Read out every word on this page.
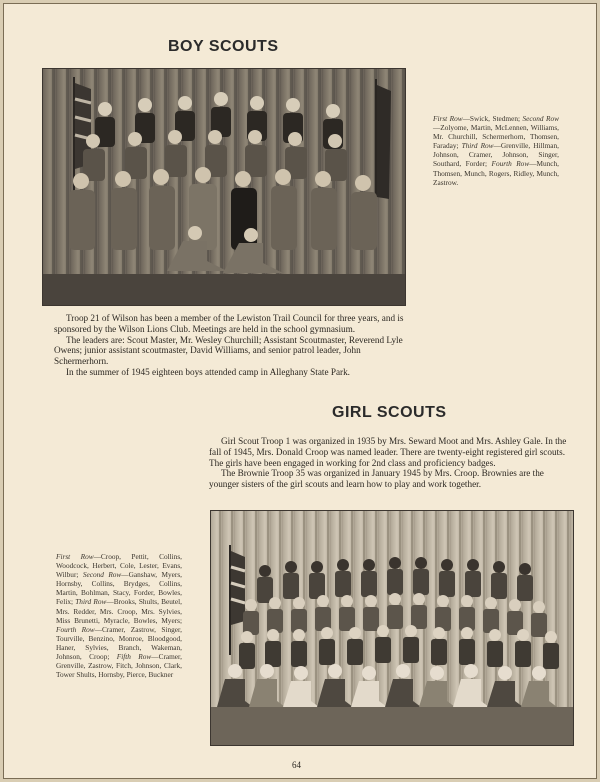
BOY SCOUTS
First Row—Swick, Stedmen; Second Row—Zolyome, Martin, McLennen, Williams, Mr. Churchill, Schermerhorn, Thomsen, Faraday; Third Row—Grenville, Hillman, Johnson, Cramer, Johnson, Singer, Southard, Forder; Fourth Row—Munch, Thomsen, Munch, Rogers, Ridley, Munch, Zastrow.

Troop 21 of Wilson has been a member of the Lewiston Trail Council for three years, and is sponsored by the Wilson Lions Club. Meetings are held in the school gymnasium.

The leaders are: Scout Master, Mr. Wesley Churchill; Assistant Scoutmaster, Reverend Lyle Owens; junior assistant scoutmaster, David Williams, and senior patrol leader, John Schermerhorn.

In the summer of 1945 eighteen boys attended camp in Alleghany State Park.

GIRL SCOUTS

Girl Scout Troop 1 was organized in 1935 by Mrs. Seward Moot and Mrs. Ashley Gale. In the fall of 1945, Mrs. Donald Croop was named leader. There are twenty-eight registered girl scouts. The girls have been engaged in working for 2nd class and proficiency badges.

The Brownie Troop 35 was organized in January 1945 by Mrs. Croop. Brownies are the younger sisters of the girl scouts and learn how to play and work together.

First Row—Croop, Pettit, Collins, Woodcock, Herbert, Cole, Lester, Evans, Wilbur; Second Row—Ganshaw, Myers, Hornsby, Collins, Brydges, Collins, Martin, Bohlman, Stacy, Forder, Bowles, Felix; Third Row—Brooks, Shults, Beutel, Mrs. Redder, Mrs. Croop, Mrs. Sylvies, Miss Brunetti, Myracle, Bowles, Myers; Fourth Row—Cramer, Zastrow, Singer, Tourville, Benzino, Monroe, Bloodgood, Haner, Sylvies, Branch, Wakeman, Johnson, Croop; Fifth Row—Cramer, Grenville, Zastrow, Fitch, Johnson, Clark, Tower Shults, Hornsby, Pierce, Buckner
64
